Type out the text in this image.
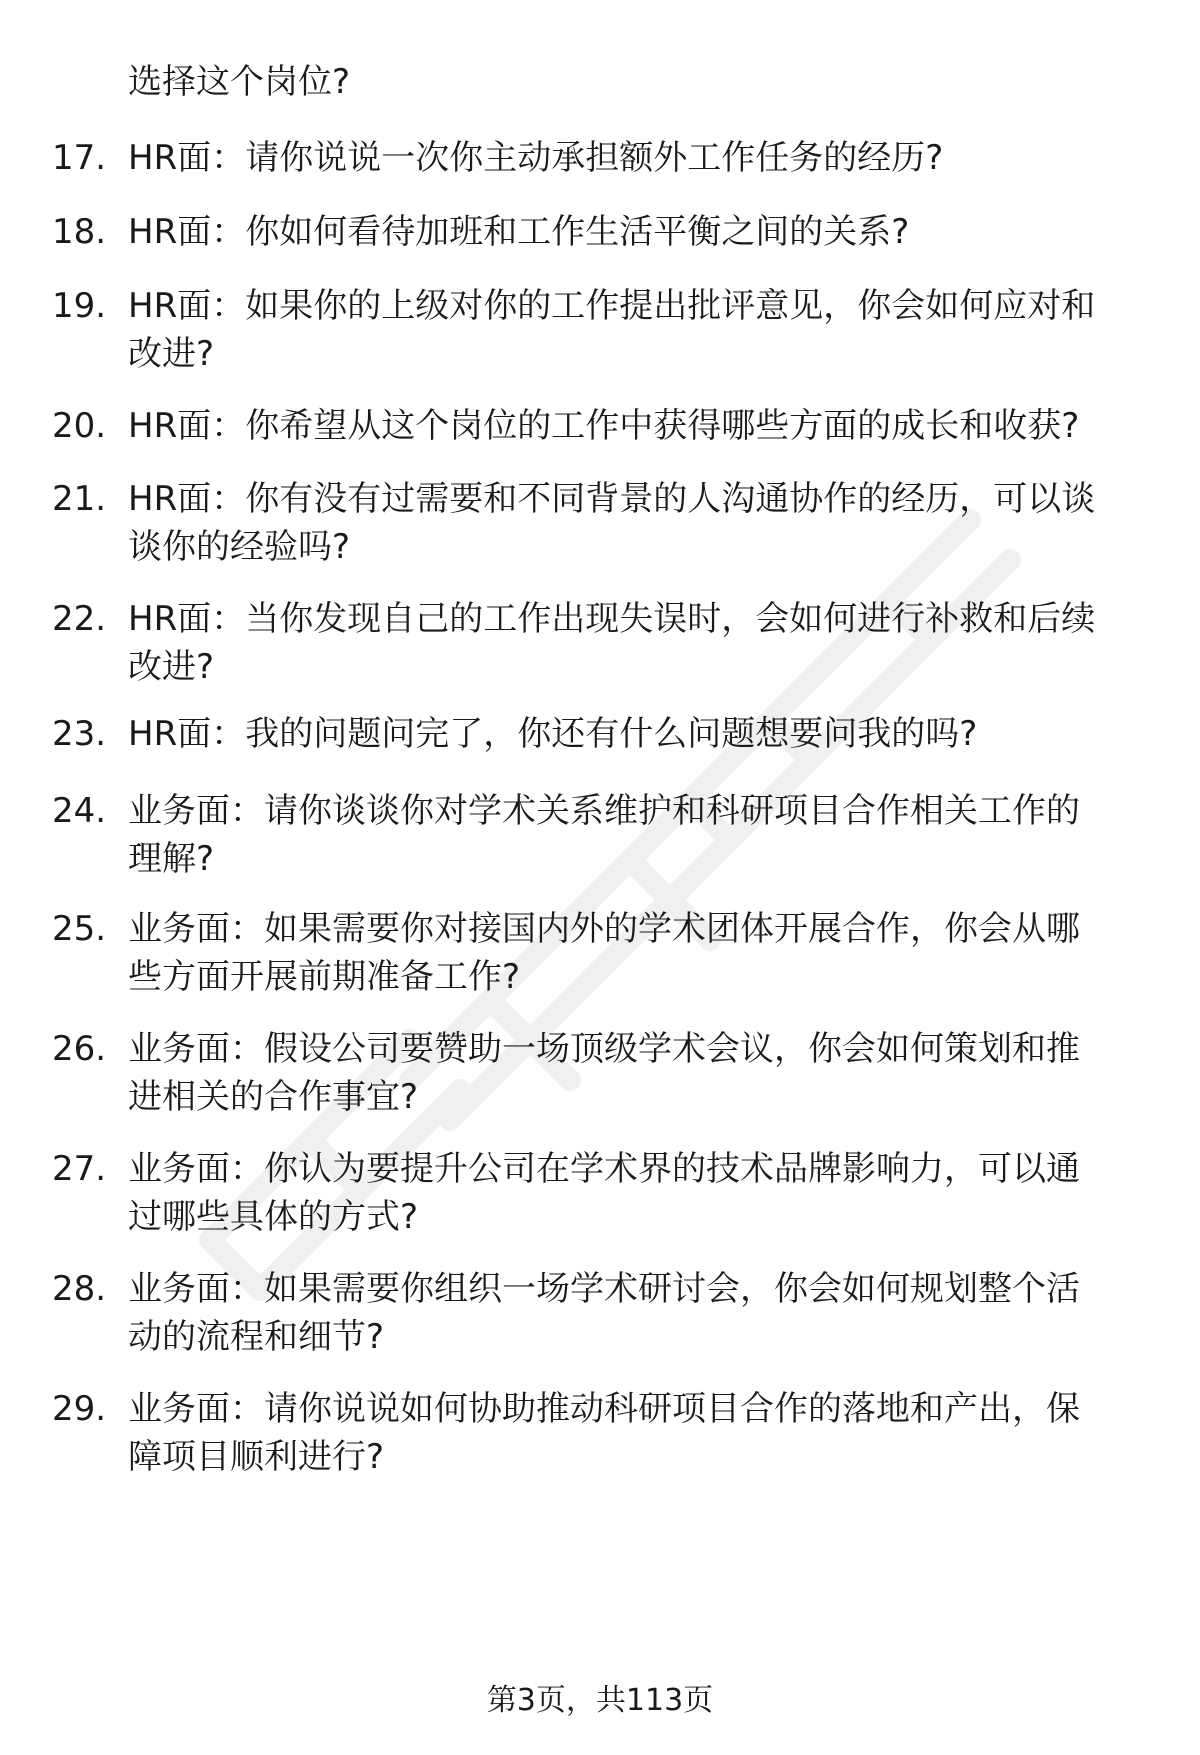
选择这个岗位?
17. HR面：请你说说一次你主动承担额外工作任务的经历?
18. HR面：你如何看待加班和工作生活平衡之间的关系?
19. HR面：如果你的上级对你的工作提出批评意见，你会如何应对和
改进?
20. HR面：你希望从这个岗位的工作中获得哪些方面的成长和收获?
21. HR面：你有没有过需要和不同背景的人沟通协作的经历，可以谈
谈你的经验吗?
22. HR面：当你发现自己的工作出现失误时，会如何进行补救和后续
改进?
23. HR面：我的问题问完了，你还有什么问题想要问我的吗?
24. 业务面：请你谈谈你对学术关系维护和科研项目合作相关工作的
理解?
25. 业务面：如果需要你对接国内外的学术团体开展合作，你会从哪
些方面开展前期准备工作?
26. 业务面：假设公司要赞助一场顶级学术会议，你会如何策划和推
进相关的合作事宜?
27. 业务面：你认为要提升公司在学术界的技术品牌影响力，可以通
过哪些具体的方式?
28. 业务面：如果需要你组织一场学术研讨会，你会如何规划整个活
动的流程和细节?
29. 业务面：请你说说如何协助推动科研项目合作的落地和产出，保
障项目顺利进行?
第3页，共113页
